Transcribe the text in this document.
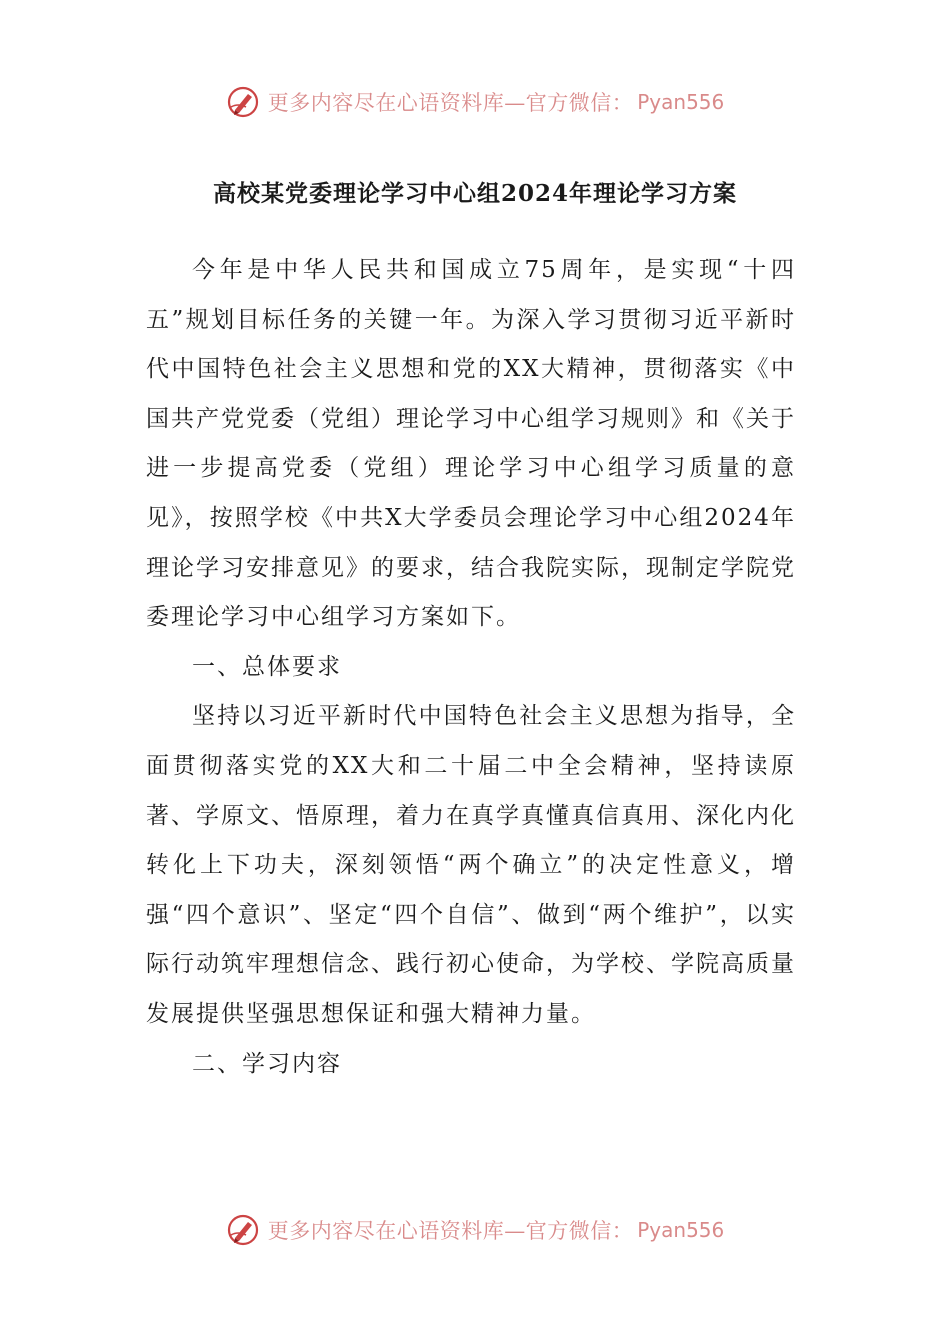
更多内容尽在心语资料库—官方微信： Pyan556
高校某党委理论学习中心组2024年理论学习方案

今年是中华人民共和国成立75周年，是实现“十四五”规划目标任务的关键一年。为深入学习贯彻习近平新时代中国特色社会主义思想和党的XX大精神，贯彻落实《中国共产党党委（党组）理论学习中心组学习规则》和《关于进一步提高党委（党组）理论学习中心组学习质量的意见》，按照学校《中共X大学委员会理论学习中心组2024年理论学习安排意见》的要求，结合我院实际，现制定学院党委理论学习中心组学习方案如下。

一、总体要求

坚持以习近平新时代中国特色社会主义思想为指导，全面贯彻落实党的XX大和二十届二中全会精神，坚持读原著、学原文、悟原理，着力在真学真懂真信真用、深化内化转化上下功夫，深刻领悟“两个确立”的决定性意义，增强“四个意识”、坚定“四个自信”、做到“两个维护”，以实际行动筑牢理想信念、践行初心使命，为学校、学院高质量发展提供坚强思想保证和强大精神力量。

二、学习内容

更多内容尽在心语资料库—官方微信： Pyan556
